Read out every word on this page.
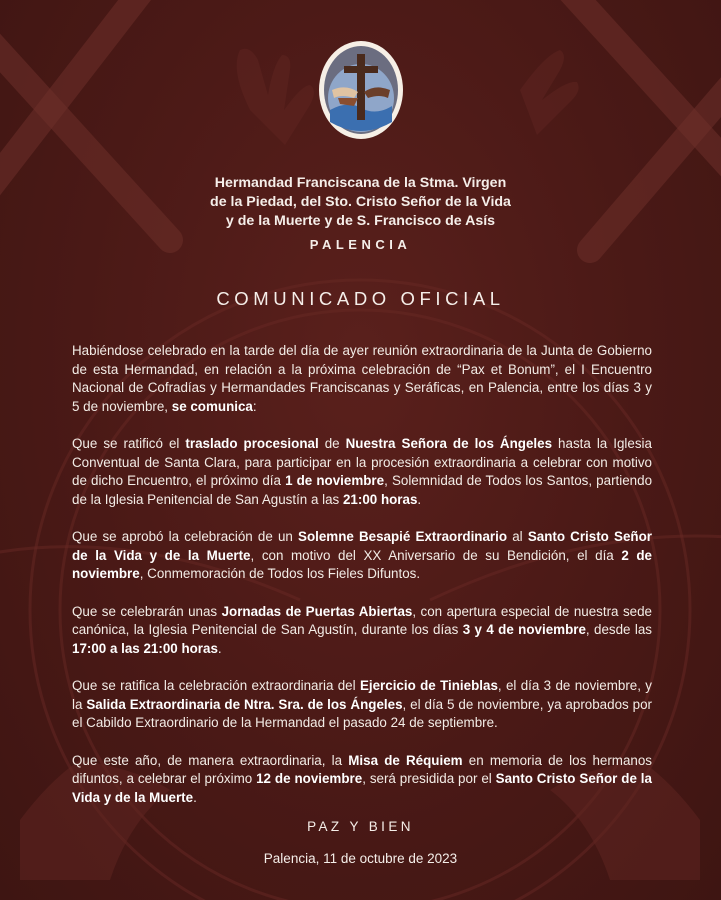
Hermandad Franciscana de la Stma. Virgen
de la Piedad, del Sto. Cristo Señor de la Vida
y de la Muerte y de S. Francisco de Asís
PALENCIA
COMUNICADO OFICIAL

Habiéndose celebrado en la tarde del día de ayer reunión extraordinaria de la Junta de Gobierno de esta Hermandad, en relación a la próxima celebración de “Pax et Bonum”, el I Encuentro Nacional de Cofradías y Hermandades Franciscanas y Seráficas, en Palencia, entre los días 3 y 5 de noviembre, se comunica:

Que se ratificó el traslado procesional de Nuestra Señora de los Ángeles hasta la Iglesia Conventual de Santa Clara, para participar en la procesión extraordinaria a celebrar con motivo de dicho Encuentro, el próximo día 1 de noviembre, Solemnidad de Todos los Santos, partiendo de la Iglesia Penitencial de San Agustín a las 21:00 horas.

Que se aprobó la celebración de un Solemne Besapié Extraordinario al Santo Cristo Señor de la Vida y de la Muerte, con motivo del XX Aniversario de su Bendición, el día 2 de noviembre, Conmemoración de Todos los Fieles Difuntos.

Que se celebrarán unas Jornadas de Puertas Abiertas, con apertura especial de nuestra sede canónica, la Iglesia Penitencial de San Agustín, durante los días 3 y 4 de noviembre, desde las 17:00 a las 21:00 horas.

Que se ratifica la celebración extraordinaria del Ejercicio de Tinieblas, el día 3 de noviembre, y la Salida Extraordinaria de Ntra. Sra. de los Ángeles, el día 5 de noviembre, ya aprobados por el Cabildo Extraordinario de la Hermandad el pasado 24 de septiembre.

Que este año, de manera extraordinaria, la Misa de Réquiem en memoria de los hermanos difuntos, a celebrar el próximo 12 de noviembre, será presidida por el Santo Cristo Señor de la Vida y de la Muerte.

PAZ Y BIEN
Palencia, 11 de octubre de 2023
